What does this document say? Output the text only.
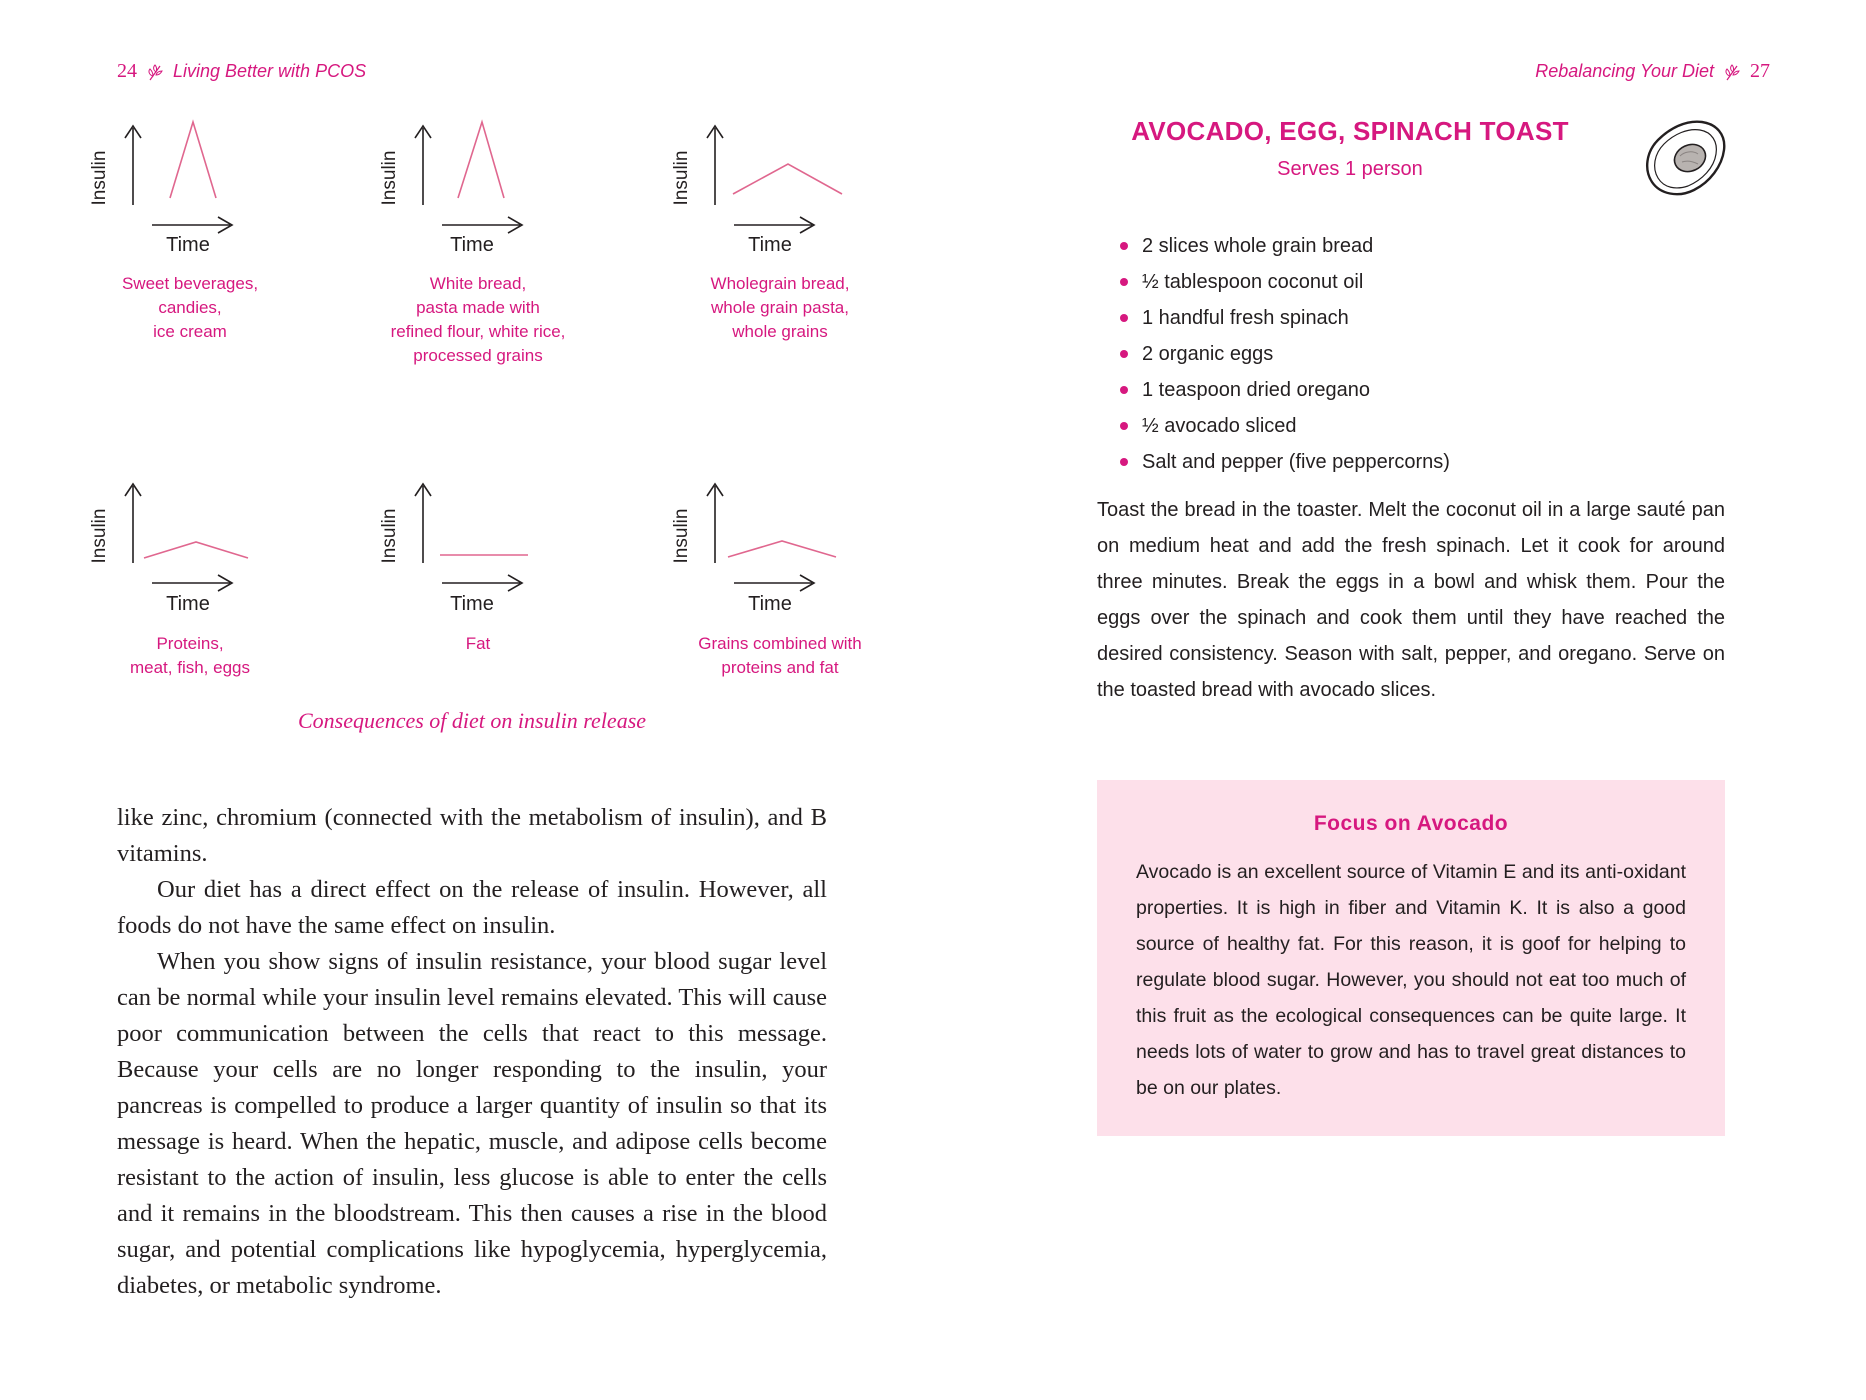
24 Living Better with PCOS
Insulin
Time
Sweet beverages,
candies,
ice cream
Insulin
Time
White bread,
pasta made with
refined flour, white rice,
processed grains
Insulin
Time
Wholegrain bread,
whole grain pasta,
whole grains
Insulin
Time
Proteins,
meat, fish, eggs
Insulin
Time
Fat
Insulin
Time
Grains combined with
proteins and fat
Consequences of diet on insulin release

like zinc, chromium (connected with the metabolism of insulin), and B vitamins.

Our diet has a direct effect on the release of insulin. However, all foods do not have the same effect on insulin.

When you show signs of insulin resistance, your blood sugar level can be normal while your insulin level remains elevated. This will cause poor communication between the cells that react to this message. Because your cells are no longer responding to the insulin, your pancreas is compelled to produce a larger quantity of insulin so that its message is heard. When the hepatic, muscle, and adipose cells become resistant to the action of insulin, less glucose is able to enter the cells and it remains in the bloodstream. This then causes a rise in the blood sugar, and potential complications like hypoglycemia, hyperglycemia, diabetes, or metabolic syndrome.

Rebalancing Your Diet 27
AVOCADO, EGG, SPINACH TOAST
Serves 1 person
2 slices whole grain bread
½ tablespoon coconut oil
1 handful fresh spinach
2 organic eggs
1 teaspoon dried oregano
½ avocado sliced
Salt and pepper (five peppercorns)
Toast the bread in the toaster. Melt the coconut oil in a large sauté pan on medium heat and add the fresh spinach. Let it cook for around three minutes. Break the eggs in a bowl and whisk them. Pour the eggs over the spinach and cook them until they have reached the desired consistency. Season with salt, pepper, and oregano. Serve on the toasted bread with avocado slices.
Focus on Avocado
Avocado is an excellent source of Vitamin E and its anti-oxidant properties. It is high in fiber and Vitamin K. It is also a good source of healthy fat. For this reason, it is goof for helping to regulate blood sugar. However, you should not eat too much of this fruit as the ecological consequences can be quite large. It needs lots of water to grow and has to travel great distances to be on our plates.
